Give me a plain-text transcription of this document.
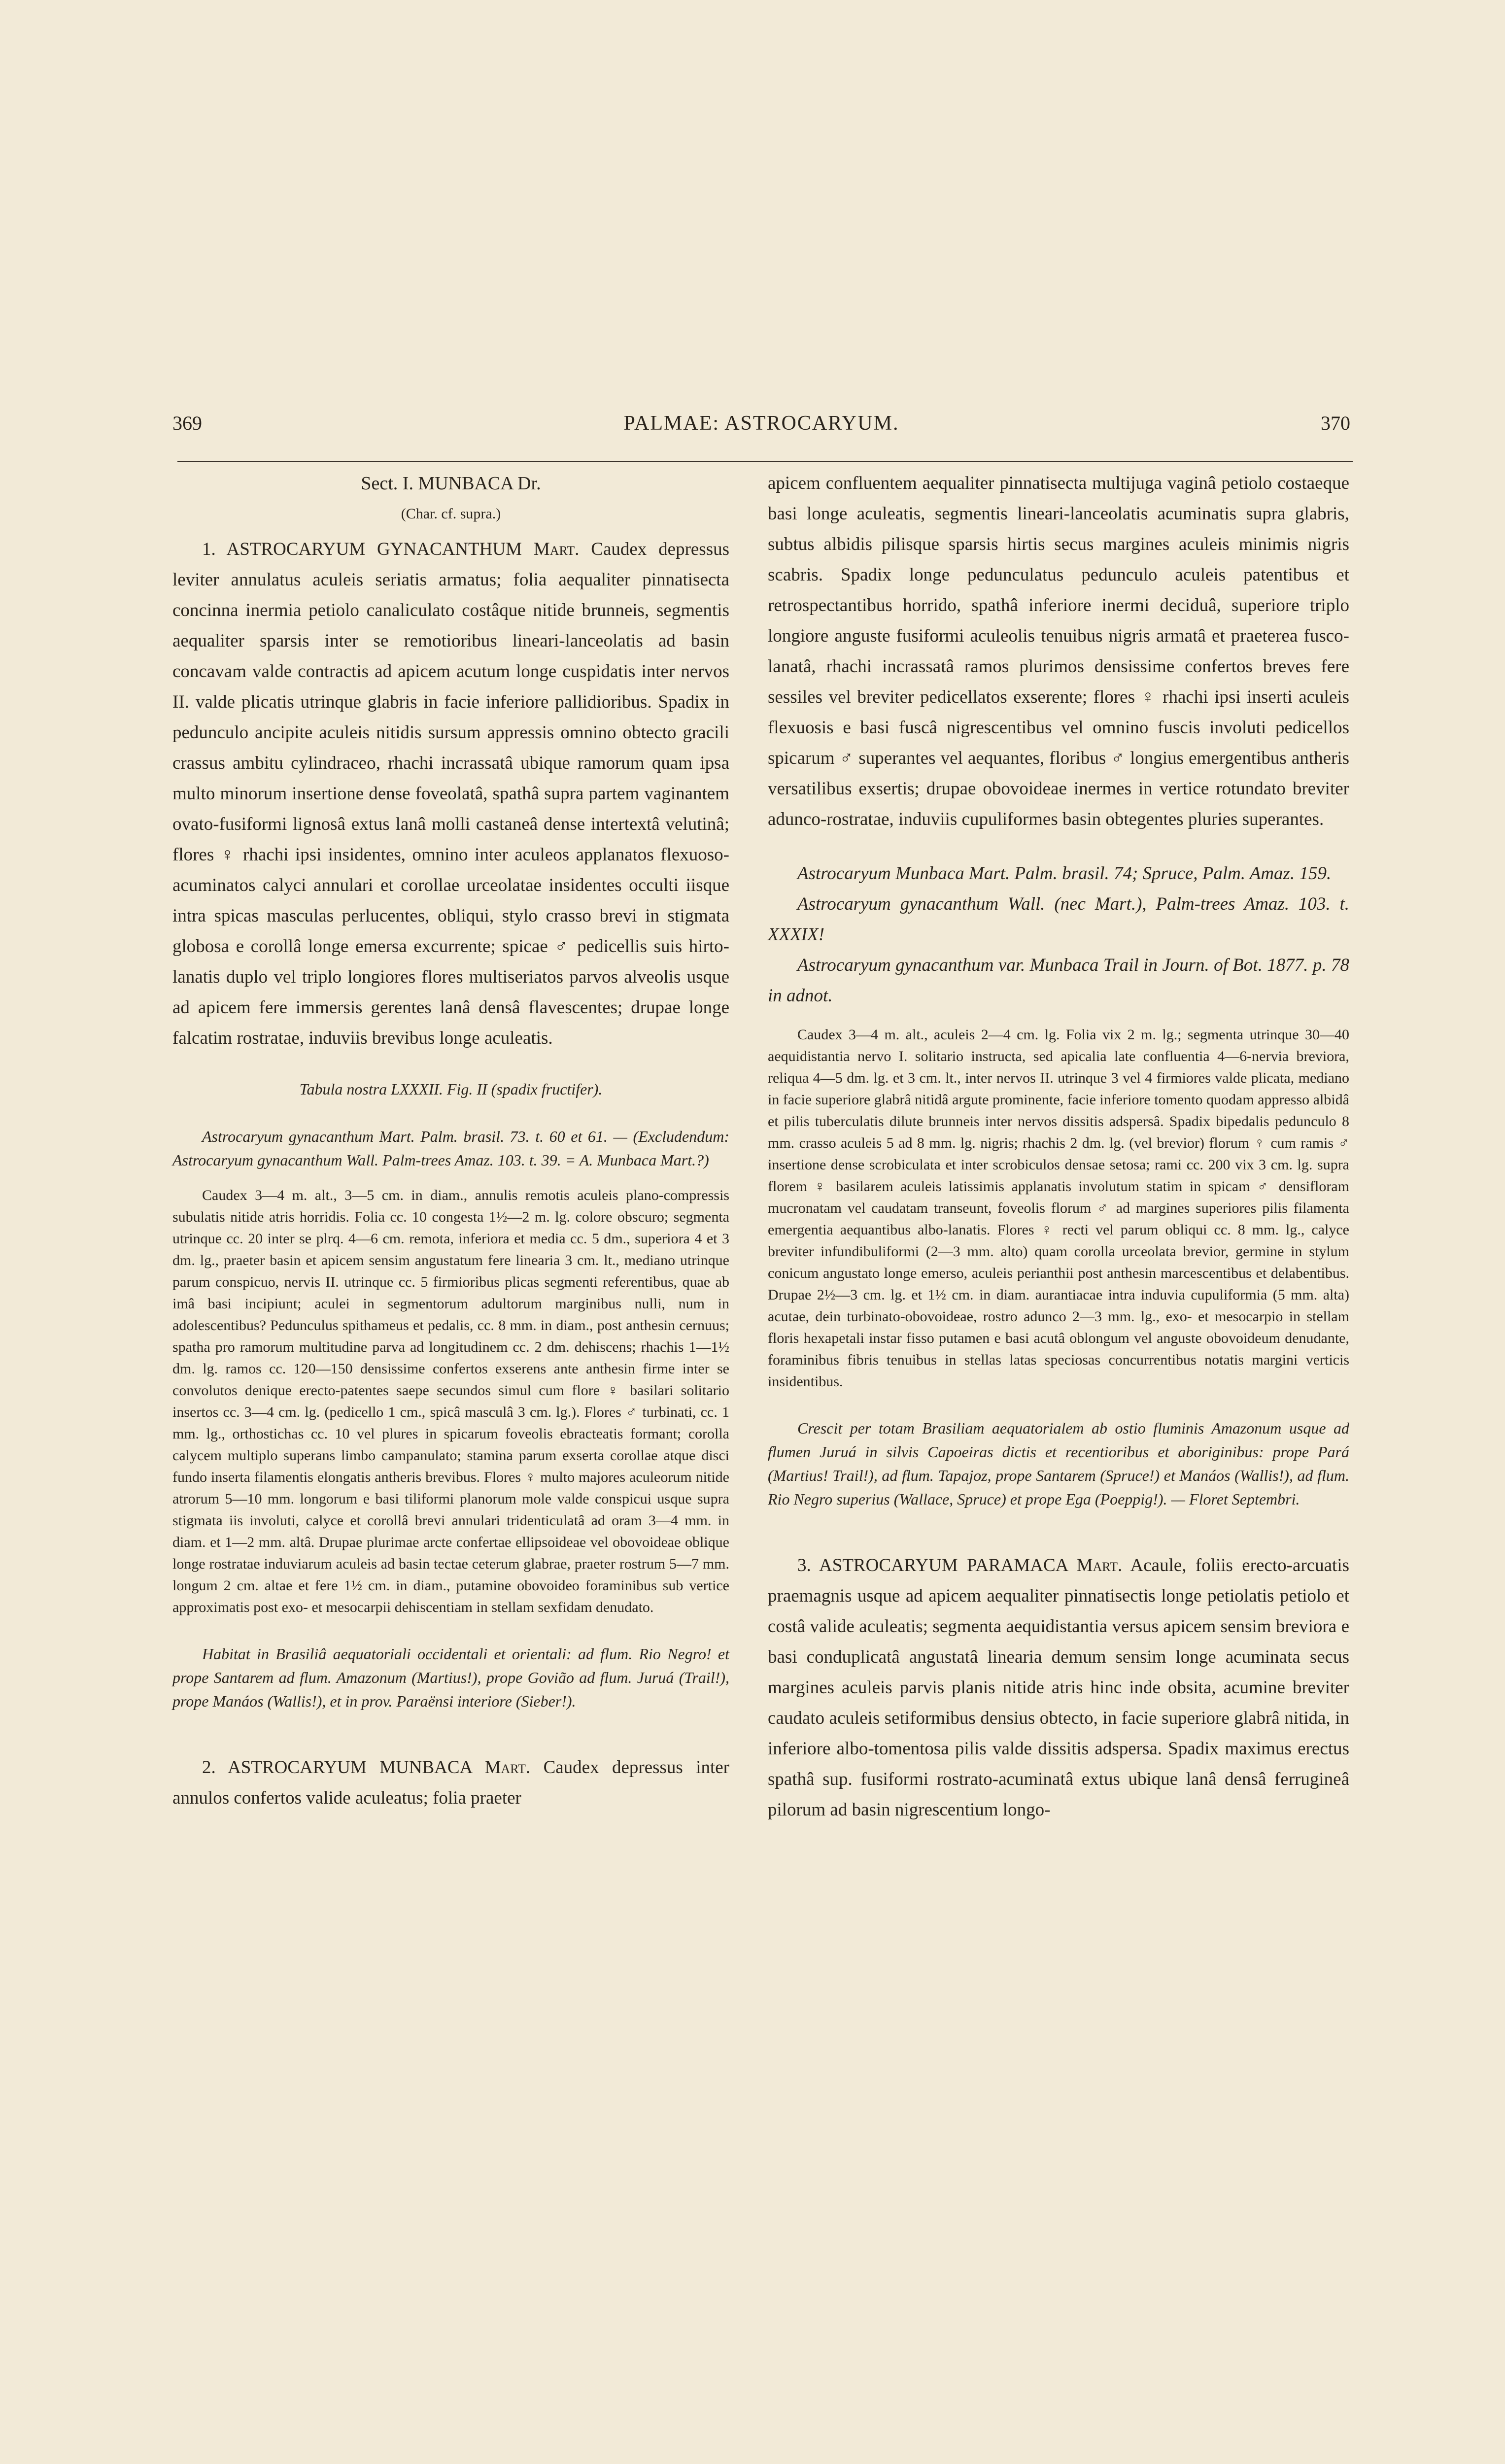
369	PALMAE: ASTROCARYUM.	370

Sect. I. MUNBACA Dr.

(Char. cf. supra.)

1. ASTROCARYUM GYNACANTHUM Mart. Caudex depressus leviter annulatus aculeis seriatis armatus; folia aequaliter pinnatisecta concinna inermia petiolo canaliculato costâque nitide brunneis, segmentis aequaliter sparsis inter se remotioribus lineari-lanceolatis ad basin concavam valde contractis ad apicem acutum longe cuspidatis inter nervos II. valde plicatis utrinque glabris in facie inferiore pallidioribus. Spadix in pedunculo ancipite aculeis nitidis sursum appressis omnino obtecto gracili crassus ambitu cylindraceo, rhachi incrassatâ ubique ramorum quam ipsa multo minorum insertione dense foveolatâ, spathâ supra partem vaginantem ovato-fusiformi lignosâ extus lanâ molli castaneâ dense intertextâ velutinâ; flores ♀ rhachi ipsi insidentes, omnino inter aculeos applanatos flexuoso-acuminatos calyci annulari et corollae urceolatae insidentes occulti iisque intra spicas masculas perlucentes, obliqui, stylo crasso brevi in stigmata globosa e corollâ longe emersa excurrente; spicae ♂ pedicellis suis hirto-lanatis duplo vel triplo longiores flores multiseriatos parvos alveolis usque ad apicem fere immersis gerentes lanâ densâ flavescentes; drupae longe falcatim rostratae, induviis brevibus longe aculeatis.

Tabula nostra LXXXII. Fig. II (spadix fructifer).

Astrocaryum gynacanthum Mart. Palm. brasil. 73. t. 60 et 61. — (Excludendum: Astrocaryum gynacanthum Wall. Palm-trees Amaz. 103. t. 39. = A. Munbaca Mart.?)

Caudex 3—4 m. alt., 3—5 cm. in diam., annulis remotis aculeis plano-compressis subulatis nitide atris horridis. Folia cc. 10 congesta 1½—2 m. lg. colore obscuro; segmenta utrinque cc. 20 inter se plrq. 4—6 cm. remota, inferiora et media cc. 5 dm., superiora 4 et 3 dm. lg., praeter basin et apicem sensim angustatum fere linearia 3 cm. lt., mediano utrinque parum conspicuo, nervis II. utrinque cc. 5 firmioribus plicas segmenti referentibus, quae ab imâ basi incipiunt; aculei in segmentorum adultorum marginibus nulli, num in adolescentibus? Pedunculus spithameus et pedalis, cc. 8 mm. in diam., post anthesin cernuus; spatha pro ramorum multitudine parva ad longitudinem cc. 2 dm. dehiscens; rhachis 1—1½ dm. lg. ramos cc. 120—150 densissime confertos exserens ante anthesin firme inter se convolutos denique erecto-patentes saepe secundos simul cum flore ♀ basilari solitario insertos cc. 3—4 cm. lg. (pedicello 1 cm., spicâ masculâ 3 cm. lg.). Flores ♂ turbinati, cc. 1 mm. lg., orthostichas cc. 10 vel plures in spicarum foveolis ebracteatis formant; corolla calycem multiplo superans limbo campanulato; stamina parum exserta corollae atque disci fundo inserta filamentis elongatis antheris brevibus. Flores ♀ multo majores aculeorum nitide atrorum 5—10 mm. longorum e basi tiliformi planorum mole valde conspicui usque supra stigmata iis involuti, calyce et corollâ brevi annulari tridenticulatâ ad oram 3—4 mm. in diam. et 1—2 mm. altâ. Drupae plurimae arcte confertae ellipsoideae vel obovoideae oblique longe rostratae induviarum aculeis ad basin tectae ceterum glabrae, praeter rostrum 5—7 mm. longum 2 cm. altae et fere 1½ cm. in diam., putamine obovoideo foraminibus sub vertice approximatis post exo- et mesocarpii dehiscentiam in stellam sexfidam denudato.

Habitat in Brasiliâ aequatoriali occidentali et orientali: ad flum. Rio Negro! et prope Santarem ad flum. Amazonum (Martius!), prope Govião ad flum. Juruá (Trail!), prope Manáos (Wallis!), et in prov. Paraënsi interiore (Sieber!).

2. ASTROCARYUM MUNBACA Mart. Caudex depressus inter annulos confertos valide aculeatus; folia praeter

apicem confluentem aequaliter pinnatisecta multijuga vaginâ petiolo costaeque basi longe aculeatis, segmentis lineari-lanceolatis acuminatis supra glabris, subtus albidis pilisque sparsis hirtis secus margines aculeis minimis nigris scabris. Spadix longe pedunculatus pedunculo aculeis patentibus et retrospectantibus horrido, spathâ inferiore inermi deciduâ, superiore triplo longiore anguste fusiformi aculeolis tenuibus nigris armatâ et praeterea fusco-lanatâ, rhachi incrassatâ ramos plurimos densissime confertos breves fere sessiles vel breviter pedicellatos exserente; flores ♀ rhachi ipsi inserti aculeis flexuosis e basi fuscâ nigrescentibus vel omnino fuscis involuti pedicellos spicarum ♂ superantes vel aequantes, floribus ♂ longius emergentibus antheris versatilibus exsertis; drupae obovoideae inermes in vertice rotundato breviter adunco-rostratae, induviis cupuliformes basin obtegentes pluries superantes.

Astrocaryum Munbaca Mart. Palm. brasil. 74; Spruce, Palm. Amaz. 159.

Astrocaryum gynacanthum Wall. (nec Mart.), Palm-trees Amaz. 103. t. XXXIX!

Astrocaryum gynacanthum var. Munbaca Trail in Journ. of Bot. 1877. p. 78 in adnot.

Caudex 3—4 m. alt., aculeis 2—4 cm. lg. Folia vix 2 m. lg.; segmenta utrinque 30—40 aequidistantia nervo I. solitario instructa, sed apicalia late confluentia 4—6-nervia breviora, reliqua 4—5 dm. lg. et 3 cm. lt., inter nervos II. utrinque 3 vel 4 firmiores valde plicata, mediano in facie superiore glabrâ nitidâ argute prominente, facie inferiore tomento quodam appresso albidâ et pilis tuberculatis dilute brunneis inter nervos dissitis adspersâ. Spadix bipedalis pedunculo 8 mm. crasso aculeis 5 ad 8 mm. lg. nigris; rhachis 2 dm. lg. (vel brevior) florum ♀ cum ramis ♂ insertione dense scrobiculata et inter scrobiculos densae setosa; rami cc. 200 vix 3 cm. lg. supra florem ♀ basilarem aculeis latissimis applanatis involutum statim in spicam ♂ densifloram mucronatam vel caudatam transeunt, foveolis florum ♂ ad margines superiores pilis filamenta emergentia aequantibus albo-lanatis. Flores ♀ recti vel parum obliqui cc. 8 mm. lg., calyce breviter infundibuliformi (2—3 mm. alto) quam corolla urceolata brevior, germine in stylum conicum angustato longe emerso, aculeis perianthii post anthesin marcescentibus et delabentibus. Drupae 2½—3 cm. lg. et 1½ cm. in diam. aurantiacae intra induvia cupuliformia (5 mm. alta) acutae, dein turbinato-obovoideae, rostro adunco 2—3 mm. lg., exo- et mesocarpio in stellam floris hexapetali instar fisso putamen e basi acutâ oblongum vel anguste obovoideum denudante, foraminibus fibris tenuibus in stellas latas speciosas concurrentibus notatis margini verticis insidentibus.

Crescit per totam Brasiliam aequatorialem ab ostio fluminis Amazonum usque ad flumen Juruá in silvis Capoeiras dictis et recentioribus et aboriginibus: prope Pará (Martius! Trail!), ad flum. Tapajoz, prope Santarem (Spruce!) et Manáos (Wallis!), ad flum. Rio Negro superius (Wallace, Spruce) et prope Ega (Poeppig!). — Floret Septembri.

3. ASTROCARYUM PARAMACA Mart. Acaule, foliis erecto-arcuatis praemagnis usque ad apicem aequaliter pinnatisectis longe petiolatis petiolo et costâ valide aculeatis; segmenta aequidistantia versus apicem sensim breviora e basi conduplicatâ angustatâ linearia demum sensim longe acuminata secus margines aculeis parvis planis nitide atris hinc inde obsita, acumine breviter caudato aculeis setiformibus densius obtecto, in facie superiore glabrâ nitida, in inferiore albo-tomentosa pilis valde dissitis adspersa. Spadix maximus erectus spathâ sup. fusiformi rostrato-acuminatâ extus ubique lanâ densâ ferrugineâ pilorum ad basin nigrescentium longo-
